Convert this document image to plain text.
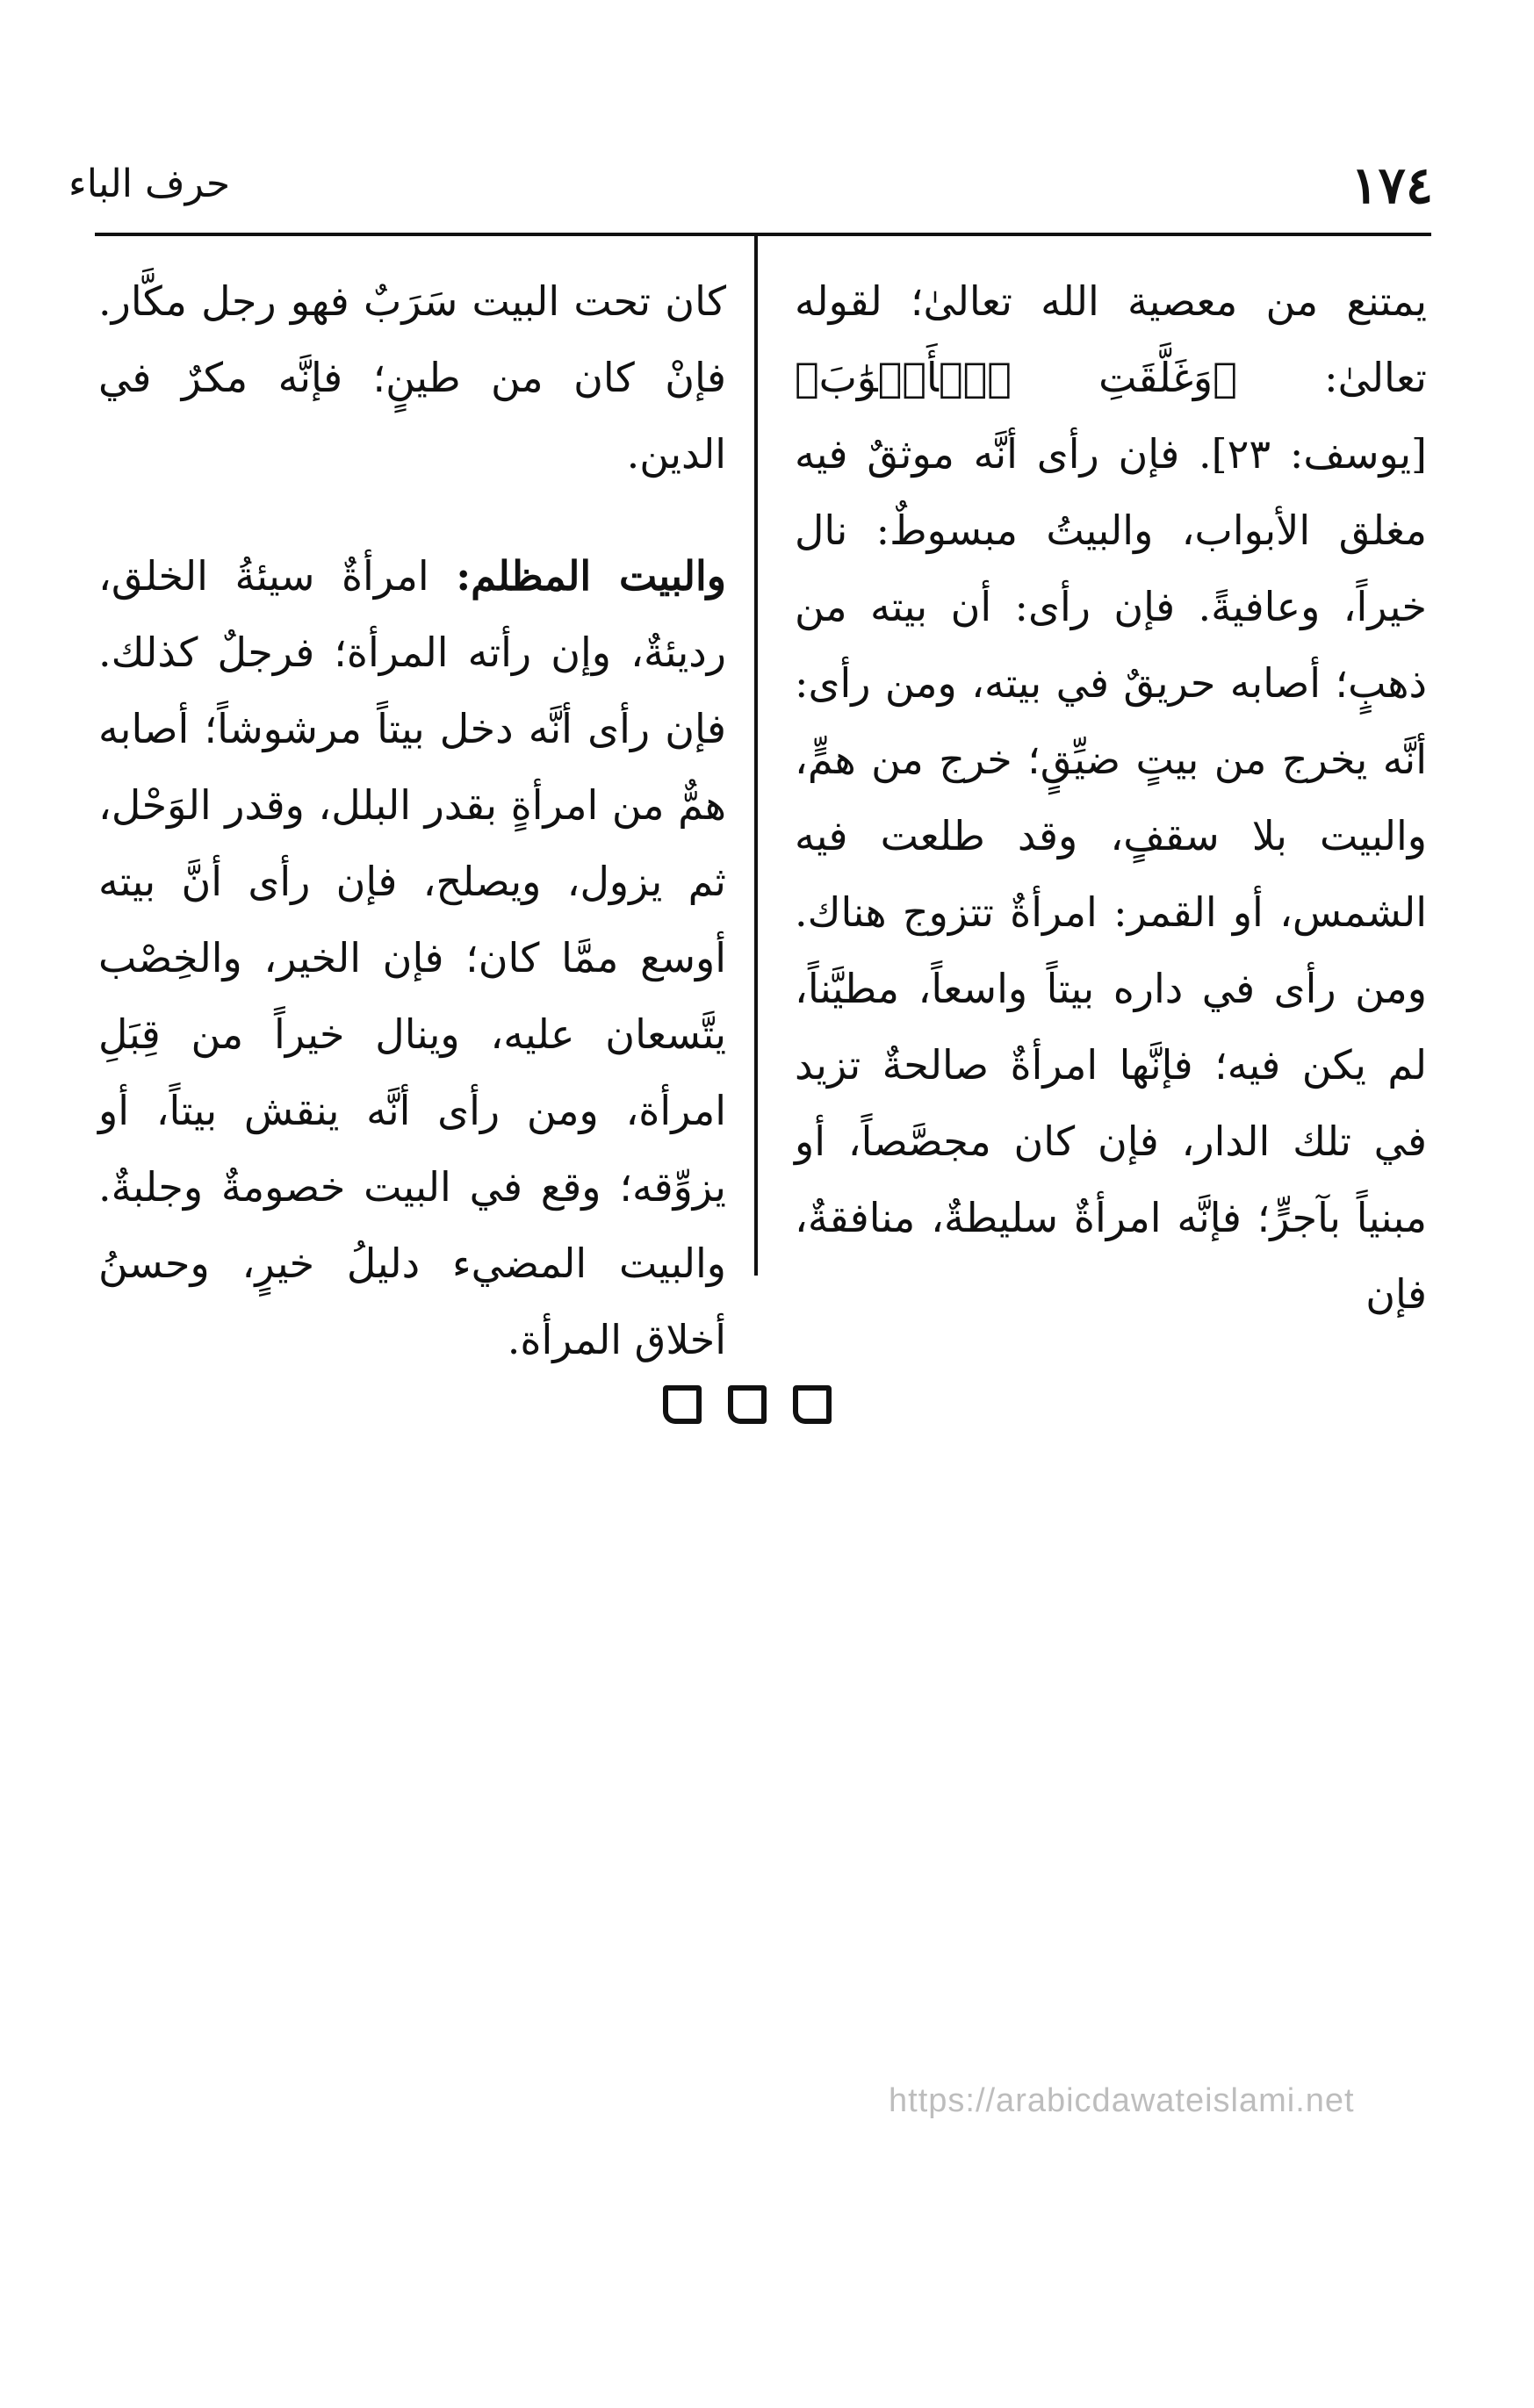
١٧٤
حرف الباء

يمتنع من معصية الله تعالىٰ؛ لقوله تعالىٰ: ﴿وَغَلَّقَتِ ٱلۡأَبۡوَٰبَ﴾ [يوسف: ٢٣]. فإن رأى أنَّه موثقٌ فيه مغلق الأبواب، والبيتُ مبسوطٌ: نال خيراً، وعافيةً. فإن رأى: أن بيته من ذهبٍ؛ أصابه حريقٌ في بيته، ومن رأى: أنَّه يخرج من بيتٍ ضيِّقٍ؛ خرج من همٍّ، والبيت بلا سقفٍ، وقد طلعت فيه الشمس، أو القمر: امرأةٌ تتزوج هناك. ومن رأى في داره بيتاً واسعاً، مطيَّناً، لم يكن فيه؛ فإنَّها امرأةٌ صالحةٌ تزيد في تلك الدار، فإن كان مجصَّصاً، أو مبنياً بآجرٍّ؛ فإنَّه امرأةٌ سليطةٌ، منافقةٌ، فإن

كان تحت البيت سَرَبٌ فهو رجل مكَّار. فإنْ كان من طينٍ؛ فإنَّه مكرٌ في الدين.

والبيت المظلم: امرأةٌ سيئةُ الخلق، رديئةٌ، وإن رأته المرأة؛ فرجلٌ كذلك. فإن رأى أنَّه دخل بيتاً مرشوشاً؛ أصابه همٌّ من امرأةٍ بقدر البلل، وقدر الوَحْل، ثم يزول، ويصلح، فإن رأى أنَّ بيته أوسع ممَّا كان؛ فإن الخير، والخِصْب يتَّسعان عليه، وينال خيراً من قِبَلِ امرأة، ومن رأى أنَّه ينقش بيتاً، أو يزوِّقه؛ وقع في البيت خصومةٌ وجلبةٌ. والبيت المضيء دليلُ خيرٍ، وحسنُ أخلاق المرأة.

https://arabicdawateislami.net
